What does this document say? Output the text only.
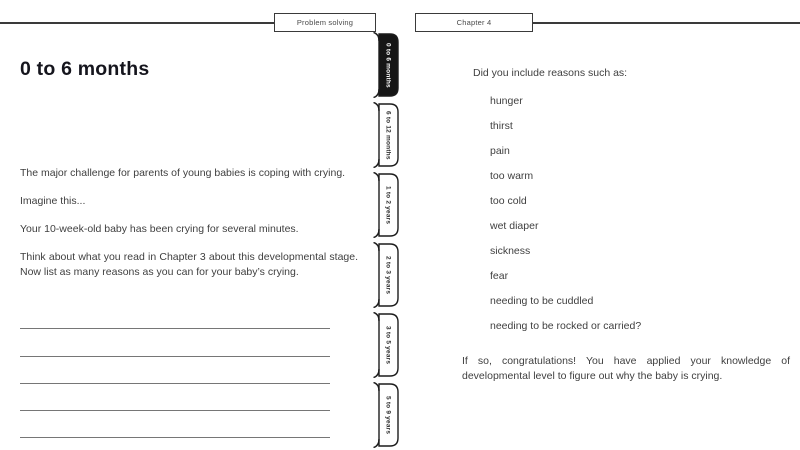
Problem solving	Chapter 4
0 to 6 months

The major challenge for parents of young babies is coping with crying.

Imagine this...

Your 10-week-old baby has been crying for several minutes.

Think about what you read in Chapter 3 about this developmental stage. Now list as many reasons as you can for your baby’s crying.

0 to 6 months
6 to 12 months
1 to 2 years
2 to 3 years
3 to 5 years
5 to 9 years
Did you include reasons such as:

hunger

thirst

pain

too warm

too cold

wet diaper

sickness

fear

needing to be cuddled

needing to be rocked or carried?

If so, congratulations! You have applied your knowledge of developmental level to figure out why the baby is crying.
